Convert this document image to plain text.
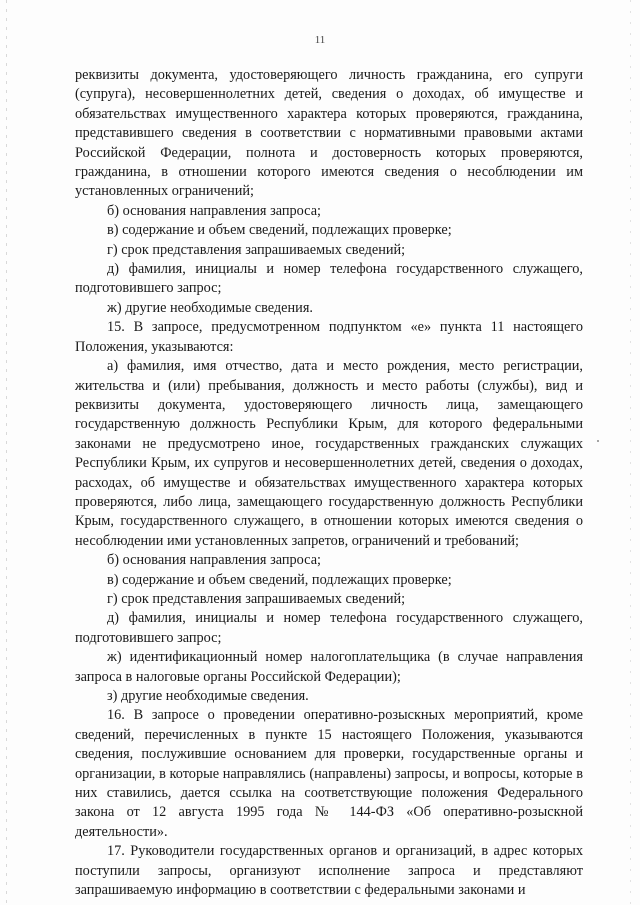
11

реквизиты документа, удостоверяющего личность гражданина, его супруги (супруга), несовершеннолетних детей, сведения о доходах, об имуществе и обязательствах имущественного характера которых проверяются, гражданина, представившего сведения в соответствии с нормативными правовыми актами Российской Федерации, полнота и достоверность которых проверяются, гражданина, в отношении которого имеются сведения о несоблюдении им установленных ограничений;

б) основания направления запроса;

в) содержание и объем сведений, подлежащих проверке;

г) срок представления запрашиваемых сведений;

д) фамилия, инициалы и номер телефона государственного служащего, подготовившего запрос;

ж) другие необходимые сведения.

15. В запросе, предусмотренном подпунктом «е» пункта 11 настоящего Положения, указываются:

а) фамилия, имя отчество, дата и место рождения, место регистрации, жительства и (или) пребывания, должность и место работы (службы), вид и реквизиты документа, удостоверяющего личность лица, замещающего государственную должность Республики Крым, для которого федеральными законами не предусмотрено иное, государственных гражданских служащих Республики Крым, их супругов и несовершеннолетних детей, сведения о доходах, расходах, об имуществе и обязательствах имущественного характера которых проверяются, либо лица, замещающего государственную должность Республики Крым, государственного служащего, в отношении которых имеются сведения о несоблюдении ими установленных запретов, ограничений и требований;

б) основания направления запроса;

в) содержание и объем сведений, подлежащих проверке;

г) срок представления запрашиваемых сведений;

д) фамилия, инициалы и номер телефона государственного служащего, подготовившего запрос;

ж) идентификационный номер налогоплательщика (в случае направления запроса в налоговые органы Российской Федерации);

з) другие необходимые сведения.

16. В запросе о проведении оперативно-розыскных мероприятий, кроме сведений, перечисленных в пункте 15 настоящего Положения, указываются сведения, послужившие основанием для проверки, государственные органы и организации, в которые направлялись (направлены) запросы, и вопросы, которые в них ставились, дается ссылка на соответствующие положения Федерального закона от 12 августа 1995 года № 144-ФЗ «Об оперативно-розыскной деятельности».

17. Руководители государственных органов и организаций, в адрес которых поступили запросы, организуют исполнение запроса и представляют запрашиваемую информацию в соответствии с федеральными законами и
